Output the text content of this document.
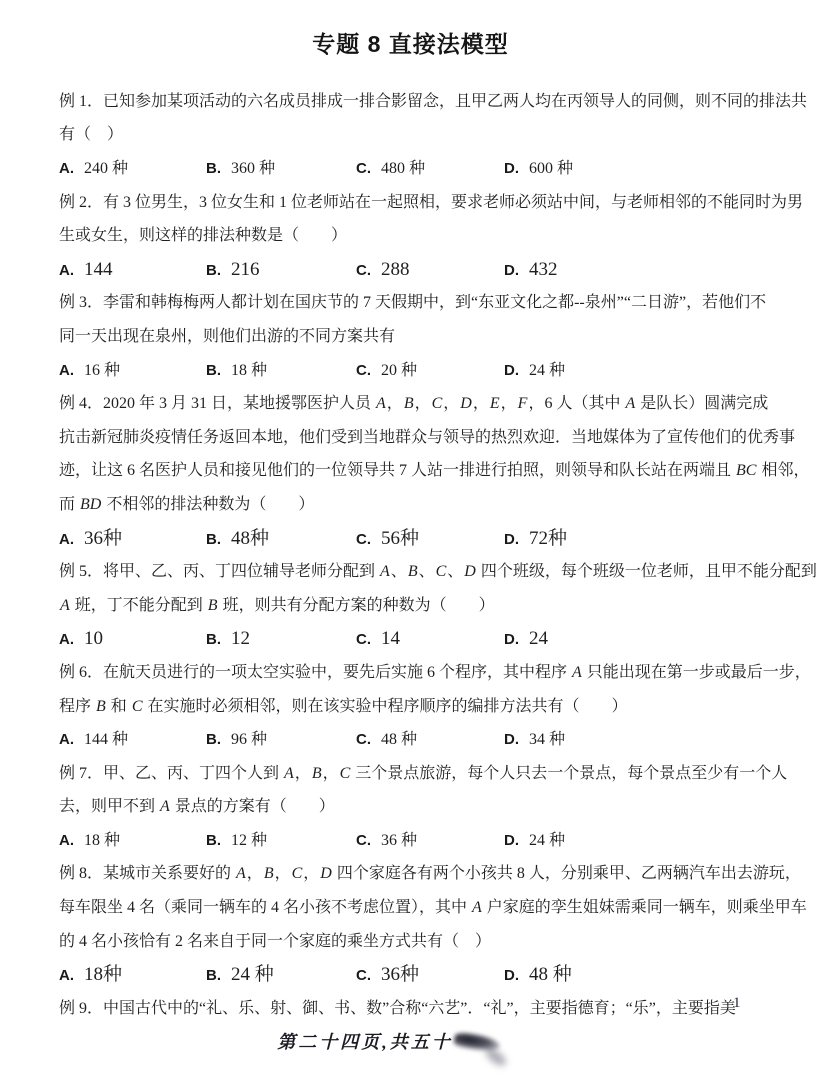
专题 8 直接法模型

例 1．已知参加某项活动的六名成员排成一排合影留念，且甲乙两人均在丙领导人的同侧，则不同的排法共

有（　）

A. 240 种	B. 360 种	C. 480 种	D. 600 种

例 2．有 3 位男生，3 位女生和 1 位老师站在一起照相，要求老师必须站中间，与老师相邻的不能同时为男

生或女生，则这样的排法种数是（　　）

A. 144	B. 216	C. 288	D. 432

例 3．李雷和韩梅梅两人都计划在国庆节的 7 天假期中，到“东亚文化之都--泉州”“二日游”，若他们不

同一天出现在泉州，则他们出游的不同方案共有

A. 16 种	B. 18 种	C. 20 种	D. 24 种

例 4．2020 年 3 月 31 日，某地援鄂医护人员 A，B，C，D，E，F，6 人（其中 A 是队长）圆满完成

抗击新冠肺炎疫情任务返回本地，他们受到当地群众与领导的热烈欢迎．当地媒体为了宣传他们的优秀事

迹，让这 6 名医护人员和接见他们的一位领导共 7 人站一排进行拍照，则领导和队长站在两端且 BC 相邻，

而 BD 不相邻的排法种数为（　　）

A. 36种	B. 48种	C. 56种	D. 72种

例 5．将甲、乙、丙、丁四位辅导老师分配到 A、B、C、D 四个班级，每个班级一位老师，且甲不能分配到

A 班，丁不能分配到 B 班，则共有分配方案的种数为（　　）

A. 10	B. 12	C. 14	D. 24

例 6．在航天员进行的一项太空实验中，要先后实施 6 个程序，其中程序 A 只能出现在第一步或最后一步，

程序 B 和 C 在实施时必须相邻，则在该实验中程序顺序的编排方法共有（　　）

A. 144 种	B. 96 种	C. 48 种	D. 34 种

例 7．甲、乙、丙、丁四个人到 A，B，C 三个景点旅游，每个人只去一个景点，每个景点至少有一个人

去，则甲不到 A 景点的方案有（　　）

A. 18 种	B. 12 种	C. 36 种	D. 24 种

例 8．某城市关系要好的 A，B，C，D 四个家庭各有两个小孩共 8 人，分别乘甲、乙两辆汽车出去游玩，

每车限坐 4 名（乘同一辆车的 4 名小孩不考虑位置），其中 A 户家庭的孪生姐妹需乘同一辆车，则乘坐甲车

的 4 名小孩恰有 2 名来自于同一个家庭的乘坐方式共有（　）

A. 18种	B. 24 种	C. 36种	D. 48 种

例 9．中国古代中的“礼、乐、射、御、书、数”合称“六艺”．“礼”，主要指德育；“乐”，主要指美

1
第二十四页,共五十
